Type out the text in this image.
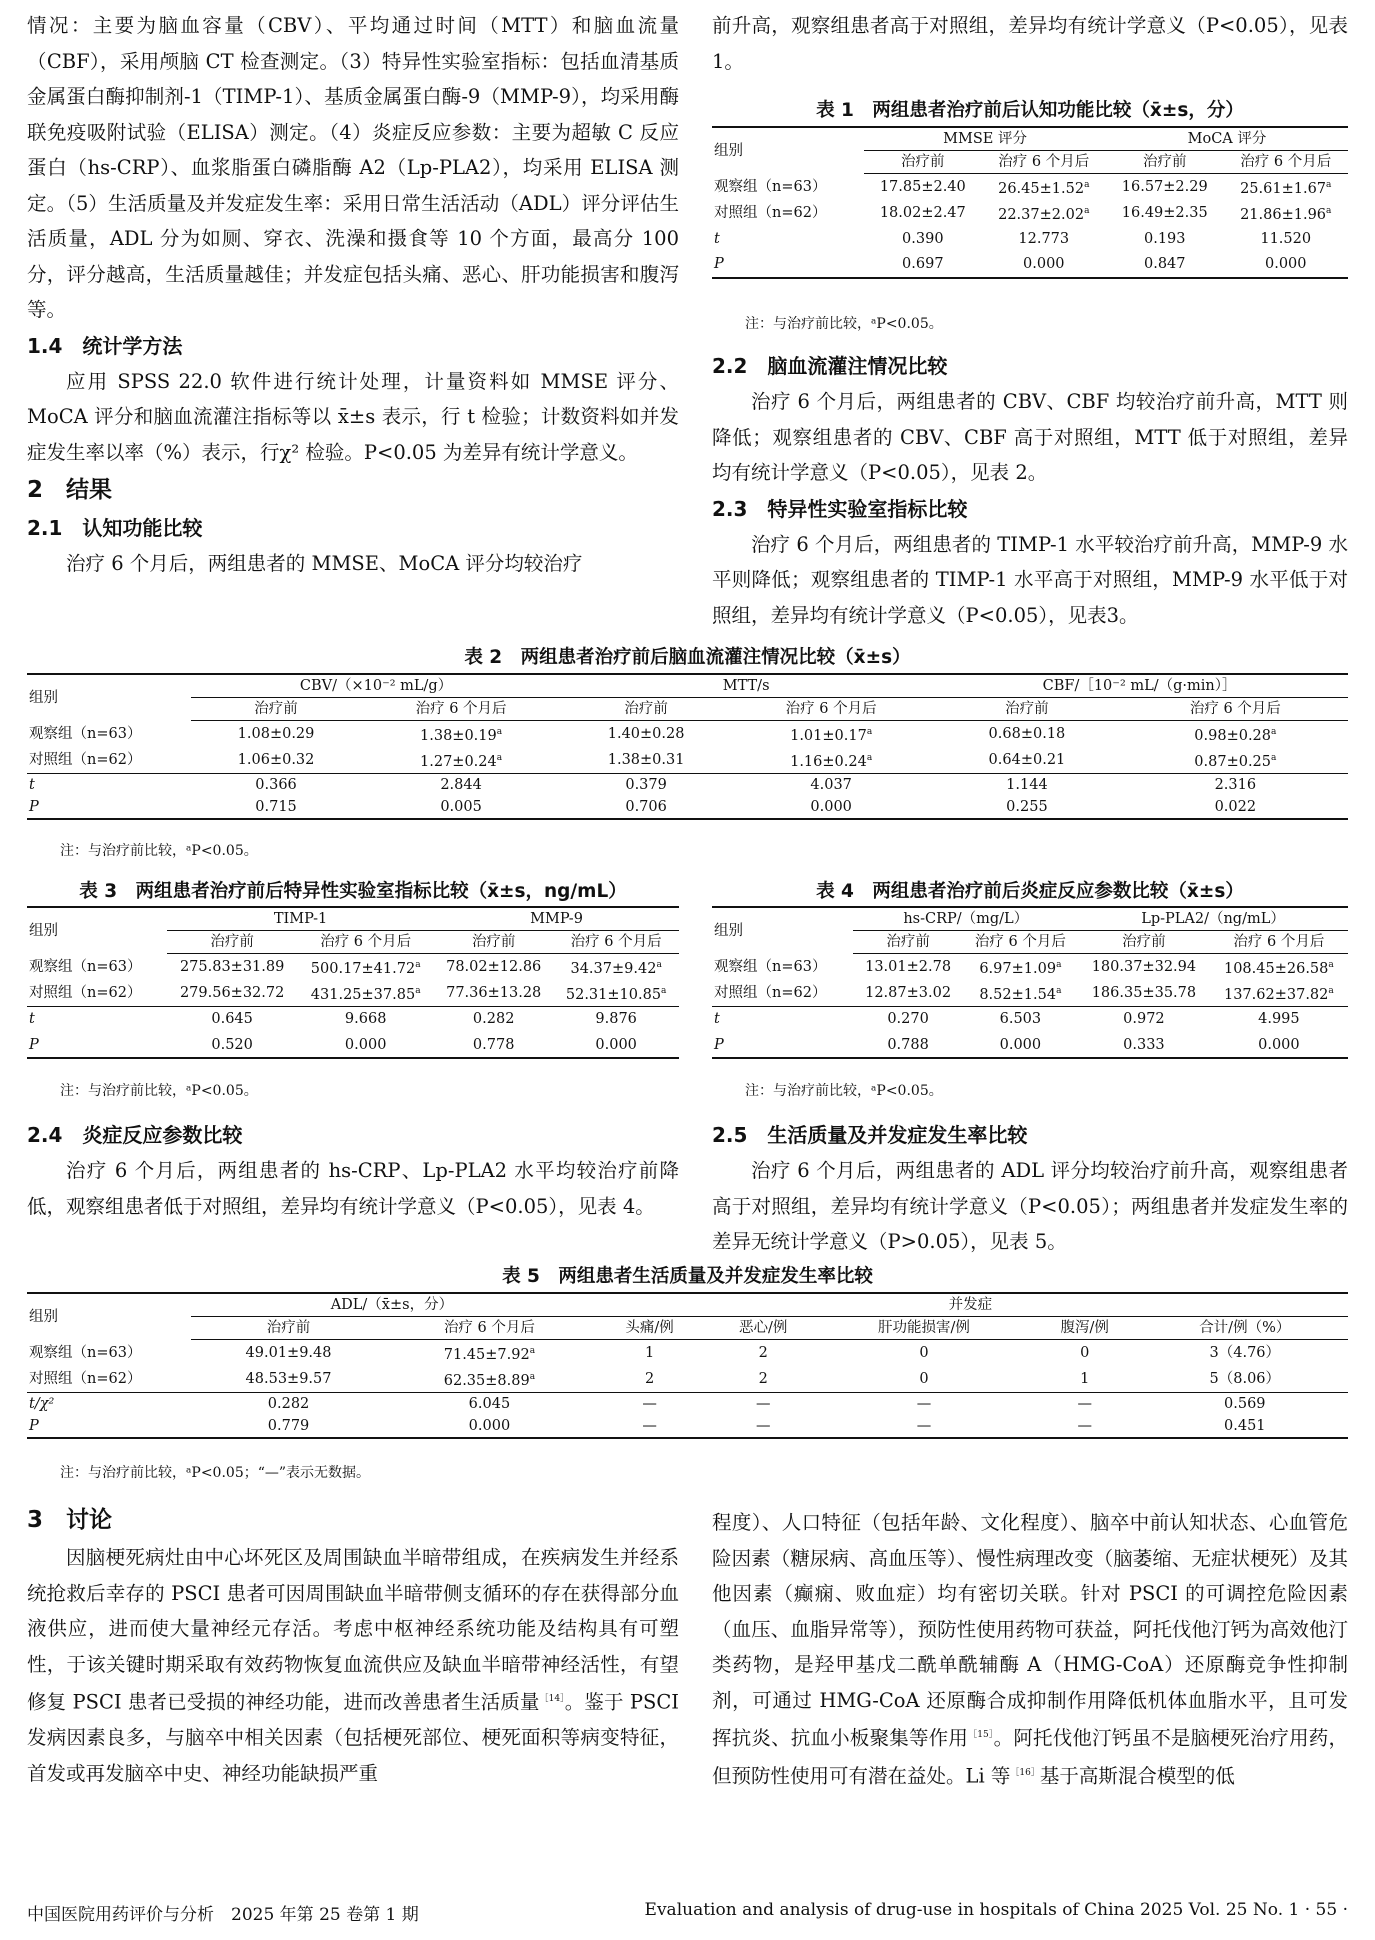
情况：主要为脑血容量（CBV）、平均通过时间（MTT）和脑血流量（CBF），采用颅脑 CT 检查测定。（3）特异性实验室指标：包括血清基质金属蛋白酶抑制剂-1（TIMP-1）、基质金属蛋白酶-9（MMP-9），均采用酶联免疫吸附试验（ELISA）测定。（4）炎症反应参数：主要为超敏 C 反应蛋白（hs-CRP）、血浆脂蛋白磷脂酶 A2（Lp-PLA2），均采用 ELISA 测定。（5）生活质量及并发症发生率：采用日常生活活动（ADL）评分评估生活质量，ADL 分为如厕、穿衣、洗澡和摄食等 10 个方面，最高分 100 分，评分越高，生活质量越佳；并发症包括头痛、恶心、肝功能损害和腹泻等。

1.4　统计学方法

应用 SPSS 22.0 软件进行统计处理，计量资料如 MMSE 评分、MoCA 评分和脑血流灌注指标等以 x̄±s 表示，行 t 检验；计数资料如并发症发生率以率（%）表示，行χ² 检验。P<0.05 为差异有统计学意义。

2　结果
2.1　认知功能比较

治疗 6 个月后，两组患者的 MMSE、MoCA 评分均较治疗

前升高，观察组患者高于对照组，差异均有统计学意义（P<0.05），见表 1。

表 1　两组患者治疗前后认知功能比较（x̄±s，分）
组别	MMSE 评分		MoCA 评分	
	治疗前	治疗 6 个月后	治疗前	治疗 6 个月后
观察组（n=63）	17.85±2.40	26.45±1.52$^a$	16.57±2.29	25.61±1.67$^a$
对照组（n=62）	18.02±2.47	22.37±2.02$^a$	16.49±2.35	21.86±1.96$^a$
t	0.390	12.773	0.193	11.520
P	0.697	0.000	0.847	0.000
注：与治疗前比较，ᵃP<0.05。
2.2　脑血流灌注情况比较

治疗 6 个月后，两组患者的 CBV、CBF 均较治疗前升高，MTT 则降低；观察组患者的 CBV、CBF 高于对照组，MTT 低于对照组，差异均有统计学意义（P<0.05），见表 2。

2.3　特异性实验室指标比较

治疗 6 个月后，两组患者的 TIMP-1 水平较治疗前升高，MMP-9 水平则降低；观察组患者的 TIMP-1 水平高于对照组，MMP-9 水平低于对照组，差异均有统计学意义（P<0.05），见表3。

表 2　两组患者治疗前后脑血流灌注情况比较（x̄±s）
组别	CBV/（×10⁻² mL/g）		MTT/s		CBF/［10⁻² mL/（g·min）］	
	治疗前	治疗 6 个月后	治疗前	治疗 6 个月后	治疗前	治疗 6 个月后
观察组（n=63）	1.08±0.29	1.38±0.19$^a$	1.40±0.28	1.01±0.17$^a$	0.68±0.18	0.98±0.28$^a$
对照组（n=62）	1.06±0.32	1.27±0.24$^a$	1.38±0.31	1.16±0.24$^a$	0.64±0.21	0.87±0.25$^a$
t	0.366	2.844	0.379	4.037	1.144	2.316
P	0.715	0.005	0.706	0.000	0.255	0.022
注：与治疗前比较，ᵃP<0.05。
表 3　两组患者治疗前后特异性实验室指标比较（x̄±s，ng/mL）
组别	TIMP-1		MMP-9	
	治疗前	治疗 6 个月后	治疗前	治疗 6 个月后
观察组（n=63）	275.83±31.89	500.17±41.72$^a$	78.02±12.86	34.37±9.42$^a$
对照组（n=62）	279.56±32.72	431.25±37.85$^a$	77.36±13.28	52.31±10.85$^a$
t	0.645	9.668	0.282	9.876
P	0.520	0.000	0.778	0.000
注：与治疗前比较，ᵃP<0.05。
表 4　两组患者治疗前后炎症反应参数比较（x̄±s）
组别	hs-CRP/（mg/L）		Lp-PLA2/（ng/mL）	
	治疗前	治疗 6 个月后	治疗前	治疗 6 个月后
观察组（n=63）	13.01±2.78	6.97±1.09$^a$	180.37±32.94	108.45±26.58$^a$
对照组（n=62）	12.87±3.02	8.52±1.54$^a$	186.35±35.78	137.62±37.82$^a$
t	0.270	6.503	0.972	4.995
P	0.788	0.000	0.333	0.000
注：与治疗前比较，ᵃP<0.05。
2.4　炎症反应参数比较

治疗 6 个月后，两组患者的 hs-CRP、Lp-PLA2 水平均较治疗前降低，观察组患者低于对照组，差异均有统计学意义（P<0.05），见表 4。

2.5　生活质量及并发症发生率比较

治疗 6 个月后，两组患者的 ADL 评分均较治疗前升高，观察组患者高于对照组，差异均有统计学意义（P<0.05）；两组患者并发症发生率的差异无统计学意义（P>0.05），见表 5。

表 5　两组患者生活质量及并发症发生率比较
组别	ADL/（x̄±s，分）		并发症				
	治疗前	治疗 6 个月后	头痛/例	恶心/例	肝功能损害/例	腹泻/例	合计/例（%）
观察组（n=63）	49.01±9.48	71.45±7.92$^a$	1	2	0	0	3（4.76）
对照组（n=62）	48.53±9.57	62.35±8.89$^a$	2	2	0	1	5（8.06）
t/χ²	0.282	6.045	—	—	—	—	0.569
P	0.779	0.000	—	—	—	—	0.451
注：与治疗前比较，ᵃP<0.05；“—”表示无数据。
3　讨论

因脑梗死病灶由中心坏死区及周围缺血半暗带组成，在疾病发生并经系统抢救后幸存的 PSCI 患者可因周围缺血半暗带侧支循环的存在获得部分血液供应，进而使大量神经元存活。考虑中枢神经系统功能及结构具有可塑性，于该关键时期采取有效药物恢复血流供应及缺血半暗带神经活性，有望修复 PSCI 患者已受损的神经功能，进而改善患者生活质量$^{[14]}$。鉴于 PSCI 发病因素良多，与脑卒中相关因素（包括梗死部位、梗死面积等病变特征，首发或再发脑卒中史、神经功能缺损严重

程度）、人口特征（包括年龄、文化程度）、脑卒中前认知状态、心血管危险因素（糖尿病、高血压等）、慢性病理改变（脑萎缩、无症状梗死）及其他因素（癫痫、败血症）均有密切关联。针对 PSCI 的可调控危险因素（血压、血脂异常等），预防性使用药物可获益，阿托伐他汀钙为高效他汀类药物，是羟甲基戊二酰单酰辅酶 A（HMG-CoA）还原酶竞争性抑制剂，可通过 HMG-CoA 还原酶合成抑制作用降低机体血脂水平，且可发挥抗炎、抗血小板聚集等作用$^{[15]}$。阿托伐他汀钙虽不是脑梗死治疗用药，但预防性使用可有潜在益处。Li 等$^{[16]}$基于高斯混合模型的低

中国医院用药评价与分析　2025 年第 25 卷第 1 期	Evaluation and analysis of drug-use in hospitals of China 2025 Vol. 25 No. 1 · 55 ·
